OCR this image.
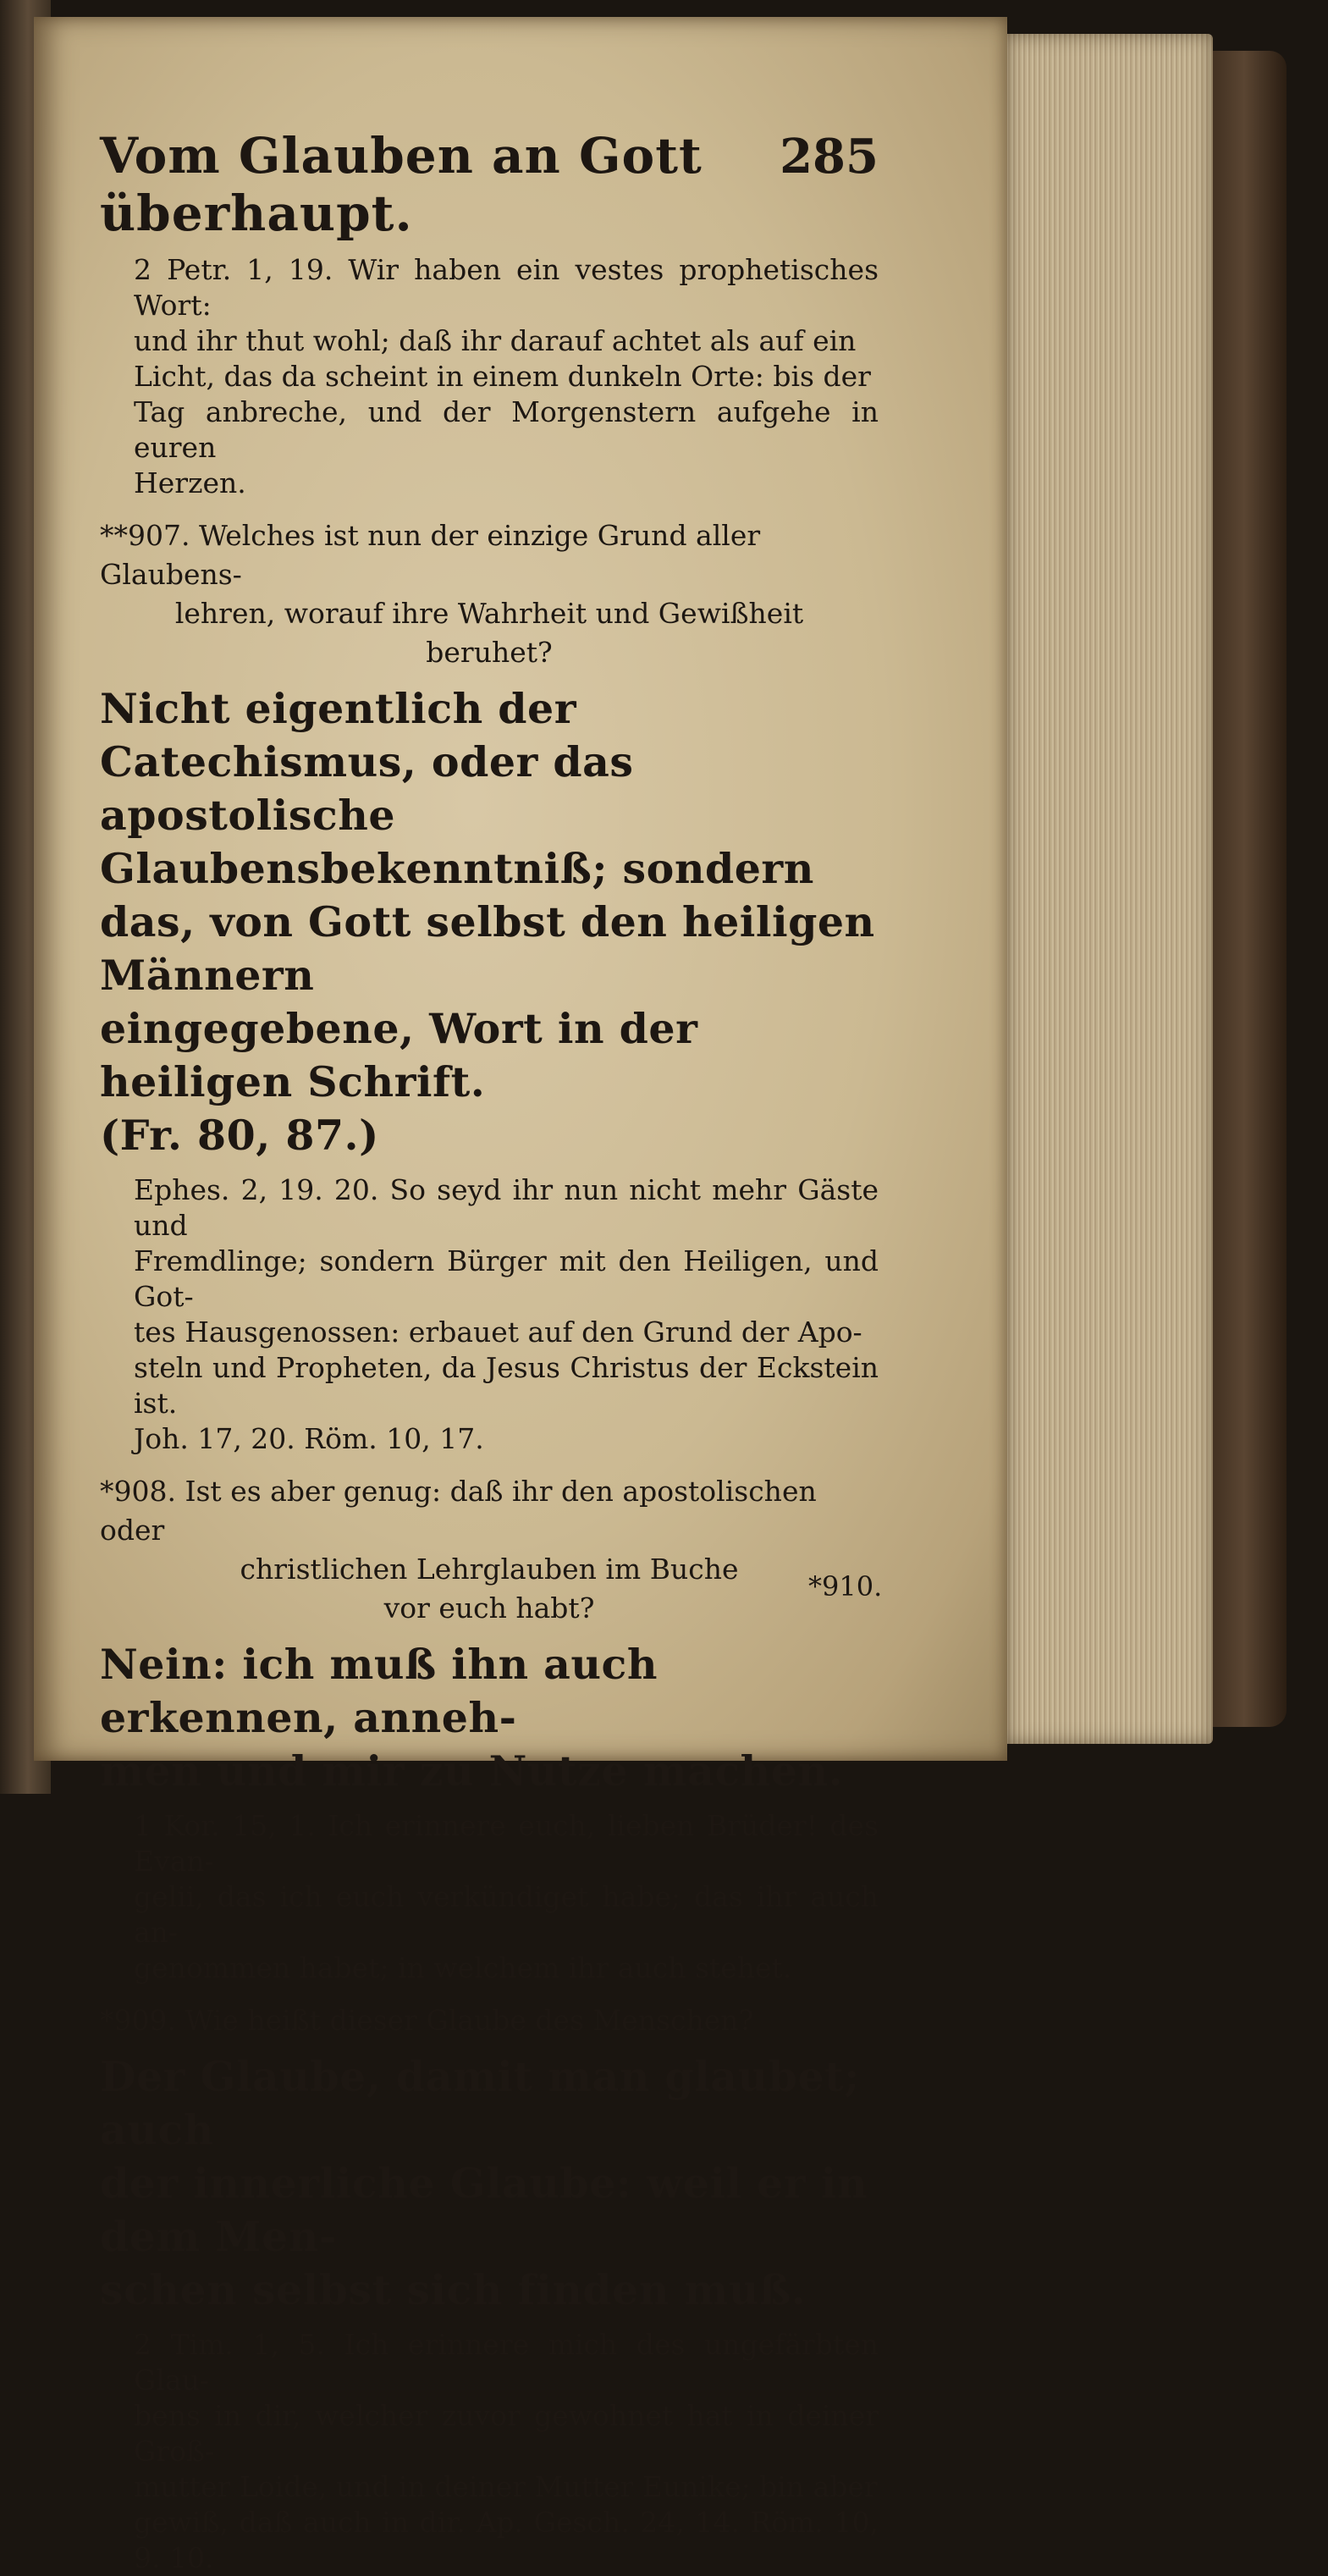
Vom Glauben an Gott überhaupt.
285
2 Petr. 1, 19. Wir haben ein vestes prophetisches Wort:
und ihr thut wohl; daß ihr darauf achtet als auf ein
Licht, das da scheint in einem dunkeln Orte: bis der
Tag anbreche, und der Morgenstern aufgehe in euren
Herzen.
**907. Welches ist nun der einzige Grund aller Glaubens-
lehren, worauf ihre Wahrheit und Gewißheit
beruhet?
Nicht eigentlich der Catechismus, oder das
apostolische Glaubensbekenntniß; sondern
das, von Gott selbst den heiligen Männern
eingegebene, Wort in der heiligen Schrift.
(Fr. 80, 87.)
Ephes. 2, 19. 20. So seyd ihr nun nicht mehr Gäste und
Fremdlinge; sondern Bürger mit den Heiligen, und Got-
tes Hausgenossen: erbauet auf den Grund der Apo-
steln und Propheten, da Jesus Christus der Eckstein ist.
Joh. 17, 20. Röm. 10, 17.
*908. Ist es aber genug: daß ihr den apostolischen oder
christlichen Lehrglauben im Buche
vor euch habt?
Nein: ich muß ihn auch erkennen, anneh-
men und mir zu Nutze machen.
1 Kor. 15, 1. Ich erinnere euch, lieben Brüder! des Evan-
gelii, das ich euch verkündiget habe; das ihr auch an-
genommen habet; in welchem ihr auch stehet.
*909. Wie heißt dieser Glaube des Menschen?
Der Glaube, damit man glaubet; auch
der innerliche Glaube: weil er in dem Men-
schen selbst sich finden muß.
2 Tim. 1, 5. Ich erinnere mich des ungefärbten Glau-
bens in dir, welcher zuvor gewohnet hat in deiner Groß-
mutter Loide, und in deiner Mutter Eunike; bin aber
gewiß, daß auch in dir. Ap. Gesch. 24, 14. Röm. 10, 9. 10.
*910.
